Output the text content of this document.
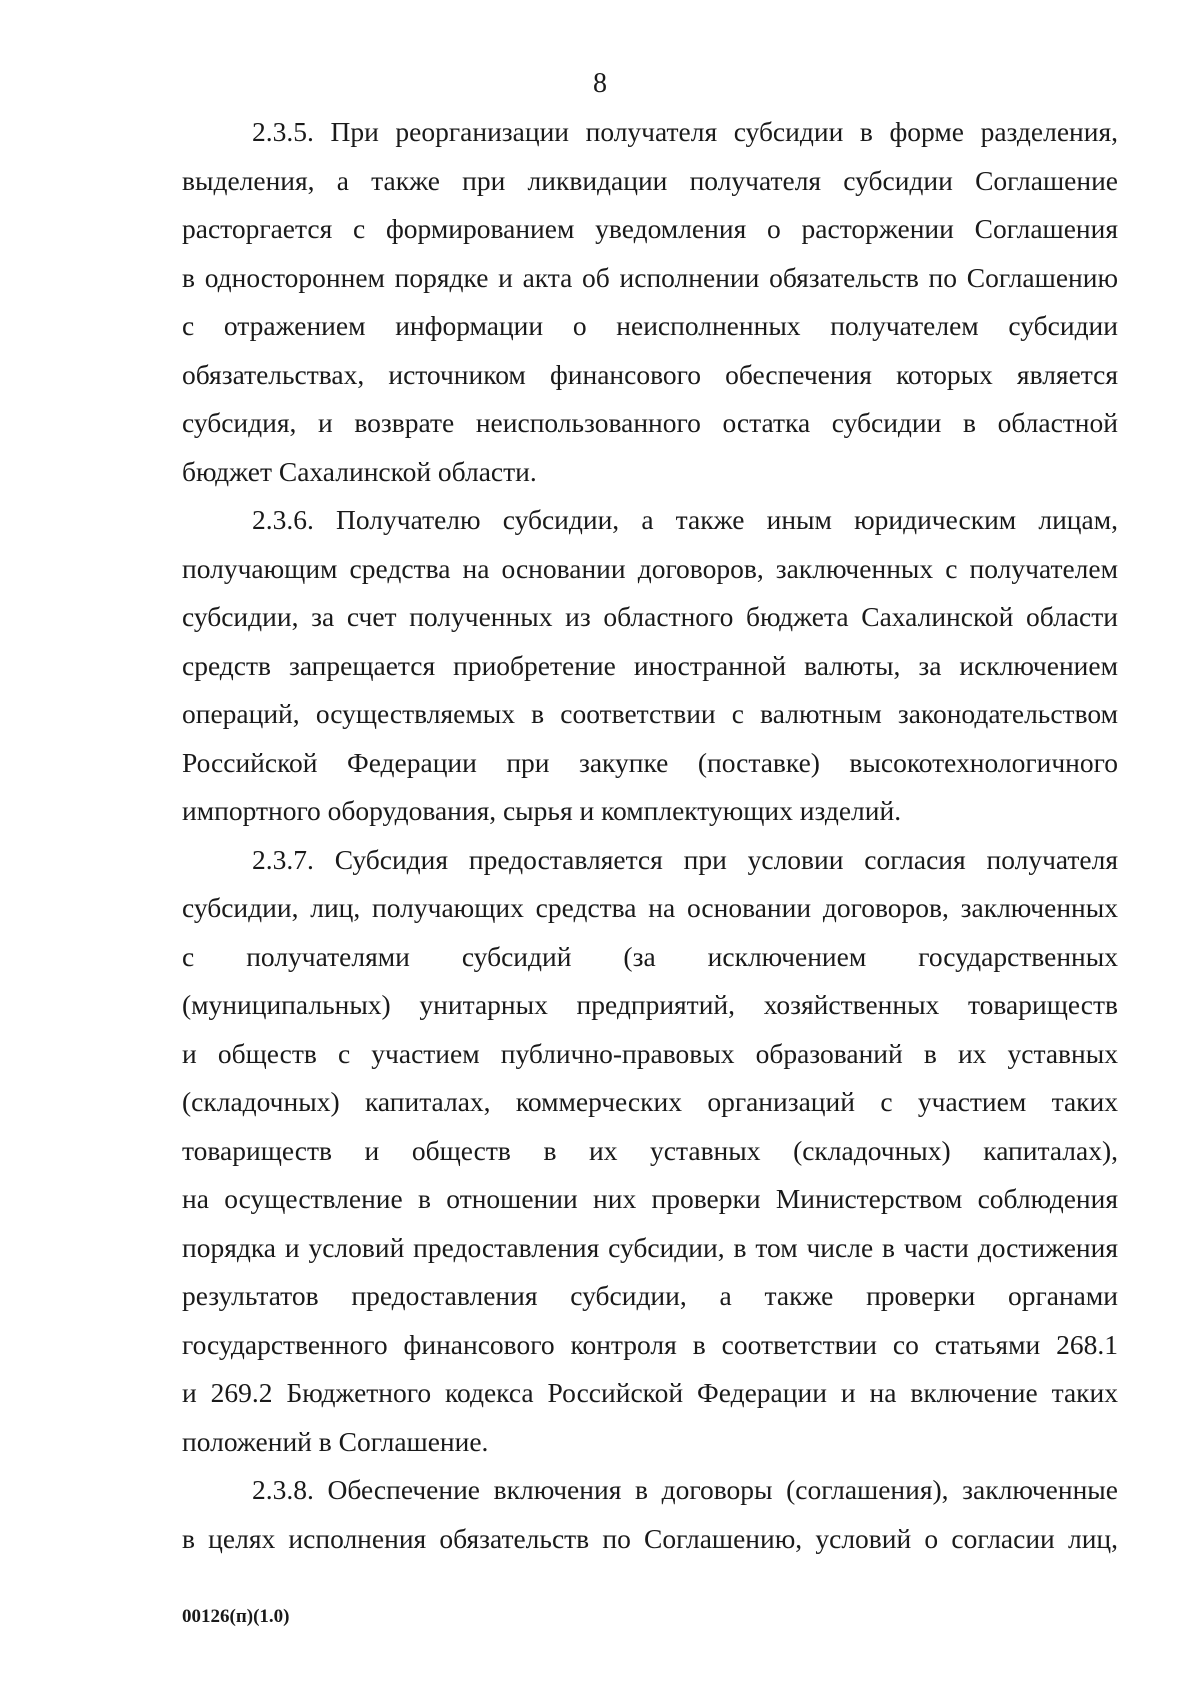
8
2.3.5. При реорганизации получателя субсидии в форме разделения,
выделения, а также при ликвидации получателя субсидии Соглашение
расторгается с формированием уведомления о расторжении Соглашения
в одностороннем порядке и акта об исполнении обязательств по Соглашению
с отражением информации о неисполненных получателем субсидии
обязательствах, источником финансового обеспечения которых является
субсидия, и возврате неиспользованного остатка субсидии в областной
бюджет Сахалинской области.
2.3.6. Получателю субсидии, а также иным юридическим лицам,
получающим средства на основании договоров, заключенных с получателем
субсидии, за счет полученных из областного бюджета Сахалинской области
средств запрещается приобретение иностранной валюты, за исключением
операций, осуществляемых в соответствии с валютным законодательством
Российской Федерации при закупке (поставке) высокотехнологичного
импортного оборудования, сырья и комплектующих изделий.
2.3.7. Субсидия предоставляется при условии согласия получателя
субсидии, лиц, получающих средства на основании договоров, заключенных
с получателями субсидий (за исключением государственных
(муниципальных) унитарных предприятий, хозяйственных товариществ
и обществ с участием публично-правовых образований в их уставных
(складочных) капиталах, коммерческих организаций с участием таких
товариществ и обществ в их уставных (складочных) капиталах),
на осуществление в отношении них проверки Министерством соблюдения
порядка и условий предоставления субсидии, в том числе в части достижения
результатов предоставления субсидии, а также проверки органами
государственного финансового контроля в соответствии со статьями 268.1
и 269.2 Бюджетного кодекса Российской Федерации и на включение таких
положений в Соглашение.
2.3.8. Обеспечение включения в договоры (соглашения), заключенные
в целях исполнения обязательств по Соглашению, условий о согласии лиц,
00126(п)(1.0)
